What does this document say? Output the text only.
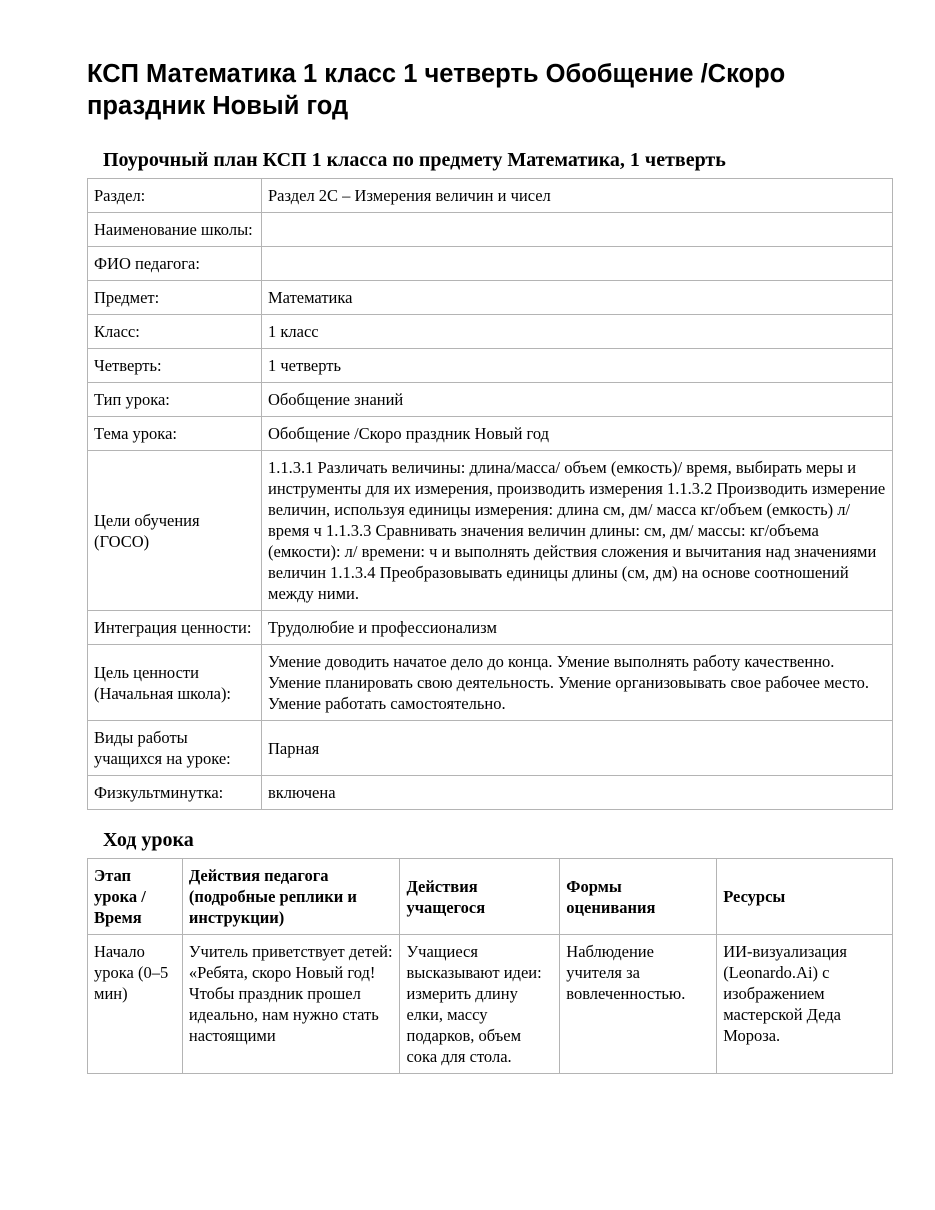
КСП Математика 1 класс 1 четверть Обобщение /Скоро праздник Новый год
Поурочный план КСП 1 класса по предмету Математика, 1 четверть
Раздел:	Раздел 2С – Измерения величин и чисел
Наименование школы:	
ФИО педагога:	
Предмет:	Математика
Класс:	1 класс
Четверть:	1 четверть
Тип урока:	Обобщение знаний
Тема урока:	Обобщение /Скоро праздник Новый год
Цели обучения (ГОСО)	1.1.3.1 Различать величины: длина/масса/ объем (емкость)/ время, выбирать меры и инструменты для их измерения, производить измерения 1.1.3.2 Производить измерение величин, используя единицы измерения: длина см, дм/ масса кг/объем (емкость) л/ время ч 1.1.3.3 Сравнивать значения величин длины: см, дм/ массы: кг/объема (емкости): л/ времени: ч и выполнять действия сложения и вычитания над значениями величин 1.1.3.4 Преобразовывать единицы длины (см, дм) на основе соотношений между ними.
Интеграция ценности:	Трудолюбие и профессионализм
Цель ценности (Начальная школа):	Умение доводить начатое дело до конца. Умение выполнять работу качественно. Умение планировать свою деятельность. Умение организовывать свое рабочее место. Умение работать самостоятельно.
Виды работы учащихся на уроке:	Парная
Физкультминутка:	включена
Ход урока
Этап урока / Время	Действия педагога (подробные реплики и инструкции)	Действия учащегося	Формы оценивания	Ресурсы
Начало урока (0–5 мин)	Учитель приветствует детей: «Ребята, скоро Новый год! Чтобы праздник прошел идеально, нам нужно стать настоящими	Учащиеся высказывают идеи: измерить длину елки, массу подарков, объем сока для стола.	Наблюдение учителя за вовлеченностью.	ИИ-визуализация (Leonardo.Ai) с изображением мастерской Деда Мороза.
